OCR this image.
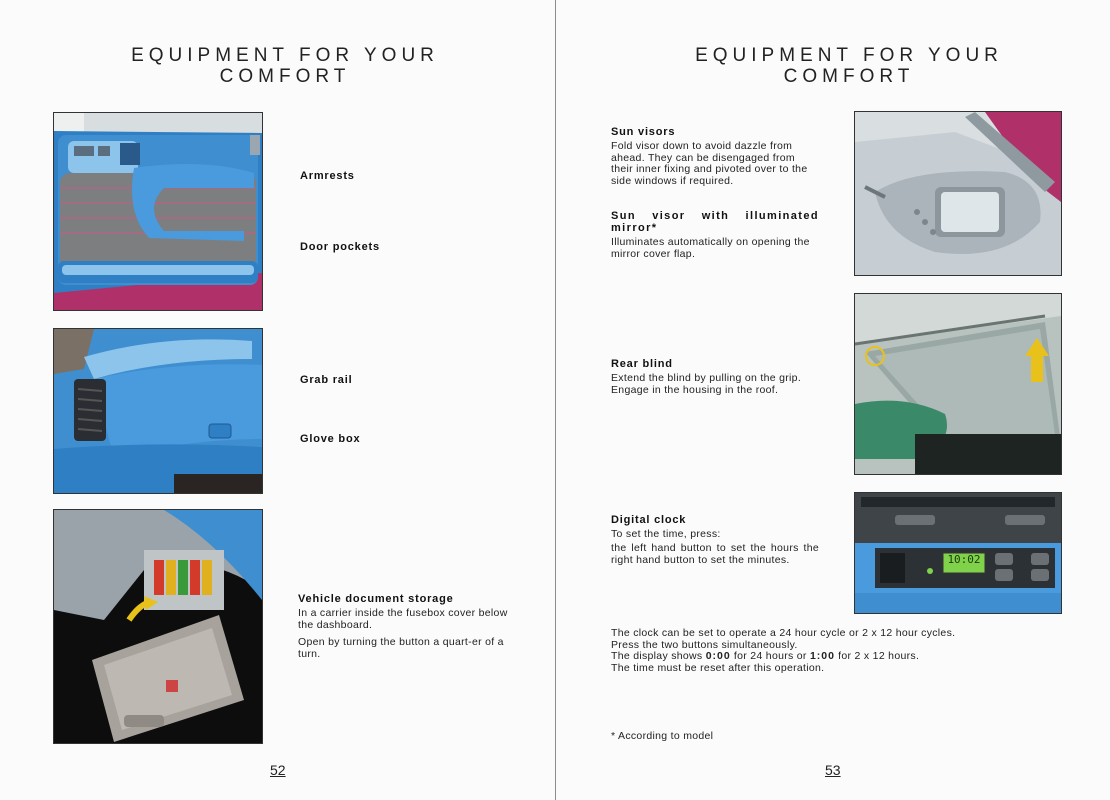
EQUIPMENT FOR YOUR
COMFORT
Armrests
Door pockets
Grab rail
Glove box
Vehicle document storage

In a carrier inside the fusebox cover below the dashboard.

Open by turning the button a quart-er of a turn.

52
EQUIPMENT FOR YOUR
COMFORT
Sun visors
Fold visor down to avoid dazzle from ahead. They can be disengaged from their inner fixing and pivoted over to the side windows if required.
Sun visor with illuminated mirror*
Illuminates automatically on opening the mirror cover flap.
Rear blind
Extend the blind by pulling on the grip. Engage in the housing in the roof.
10:02
Digital clock
To set the time, press:
the left hand button to set the hours the right hand button to set the minutes.

The clock can be set to operate a 24 hour cycle or 2 x 12 hour cycles.

Press the two buttons simultaneously.

The display shows 0:00 for 24 hours or 1:00 for 2 x 12 hours.

The time must be reset after this operation.

* According to model
53
